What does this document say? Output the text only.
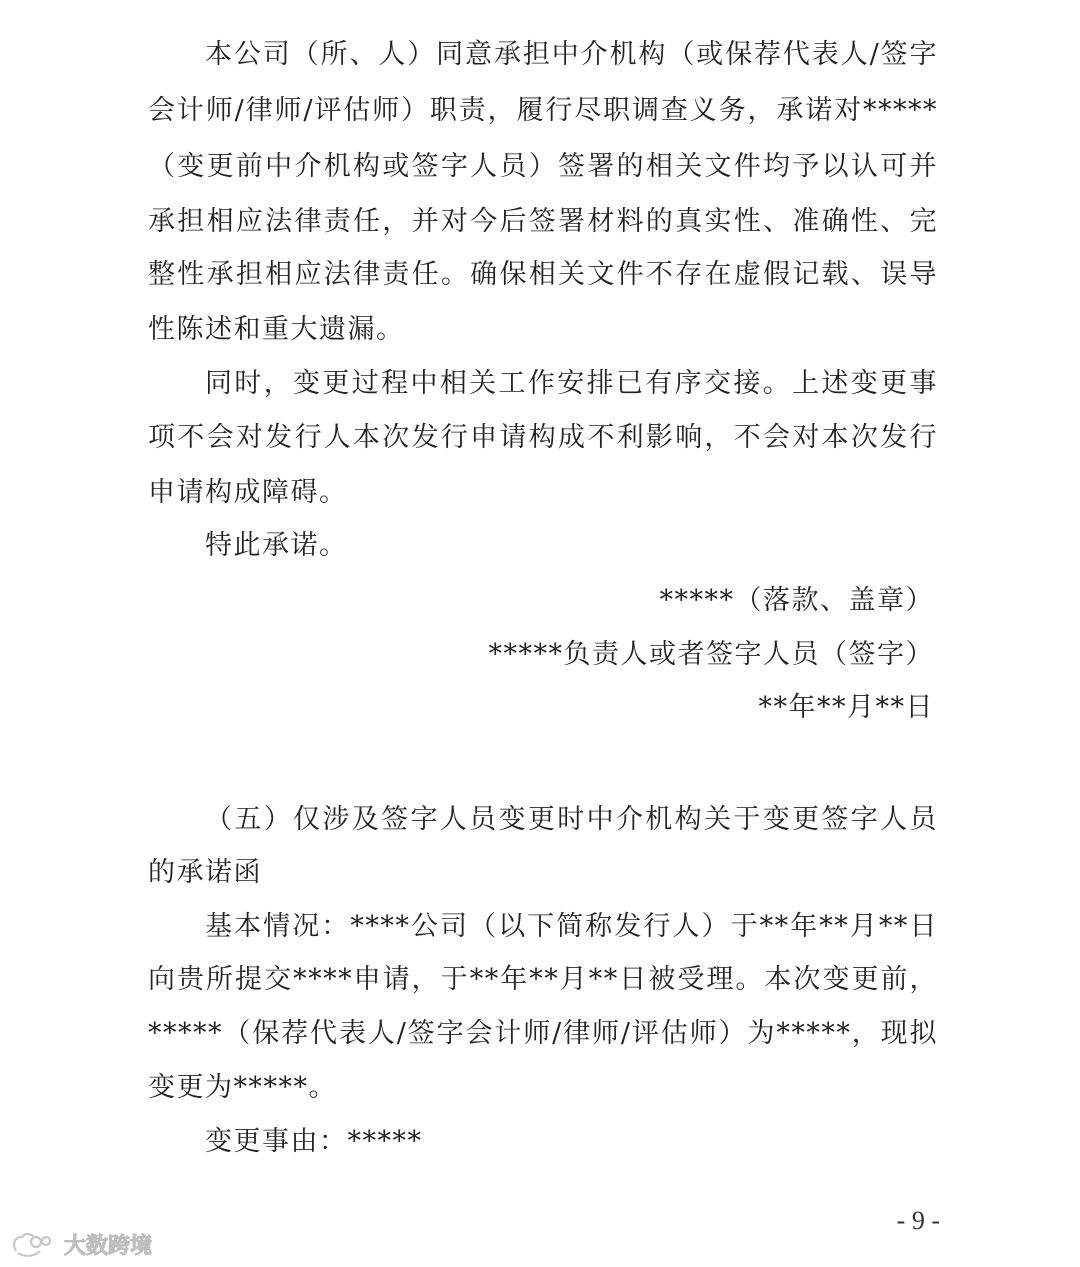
本公司（所、人）同意承担中介机构（或保荐代表人/签字
会计师/律师/评估师）职责，履行尽职调查义务，承诺对*****
（变更前中介机构或签字人员）签署的相关文件均予以认可并
承担相应法律责任，并对今后签署材料的真实性、准确性、完
整性承担相应法律责任。确保相关文件不存在虚假记载、误导
性陈述和重大遗漏。
同时，变更过程中相关工作安排已有序交接。上述变更事
项不会对发行人本次发行申请构成不利影响，不会对本次发行
申请构成障碍。
特此承诺。
*****（落款、盖章）
*****负责人或者签字人员（签字）
**年**月**日
（五）仅涉及签字人员变更时中介机构关于变更签字人员
的承诺函
基本情况：****公司（以下简称发行人）于**年**月**日
向贵所提交****申请，于**年**月**日被受理。本次变更前，
*****（保荐代表人/签字会计师/律师/评估师）为*****，现拟
变更为*****。
变更事由：*****
- 9 -
大数跨境
